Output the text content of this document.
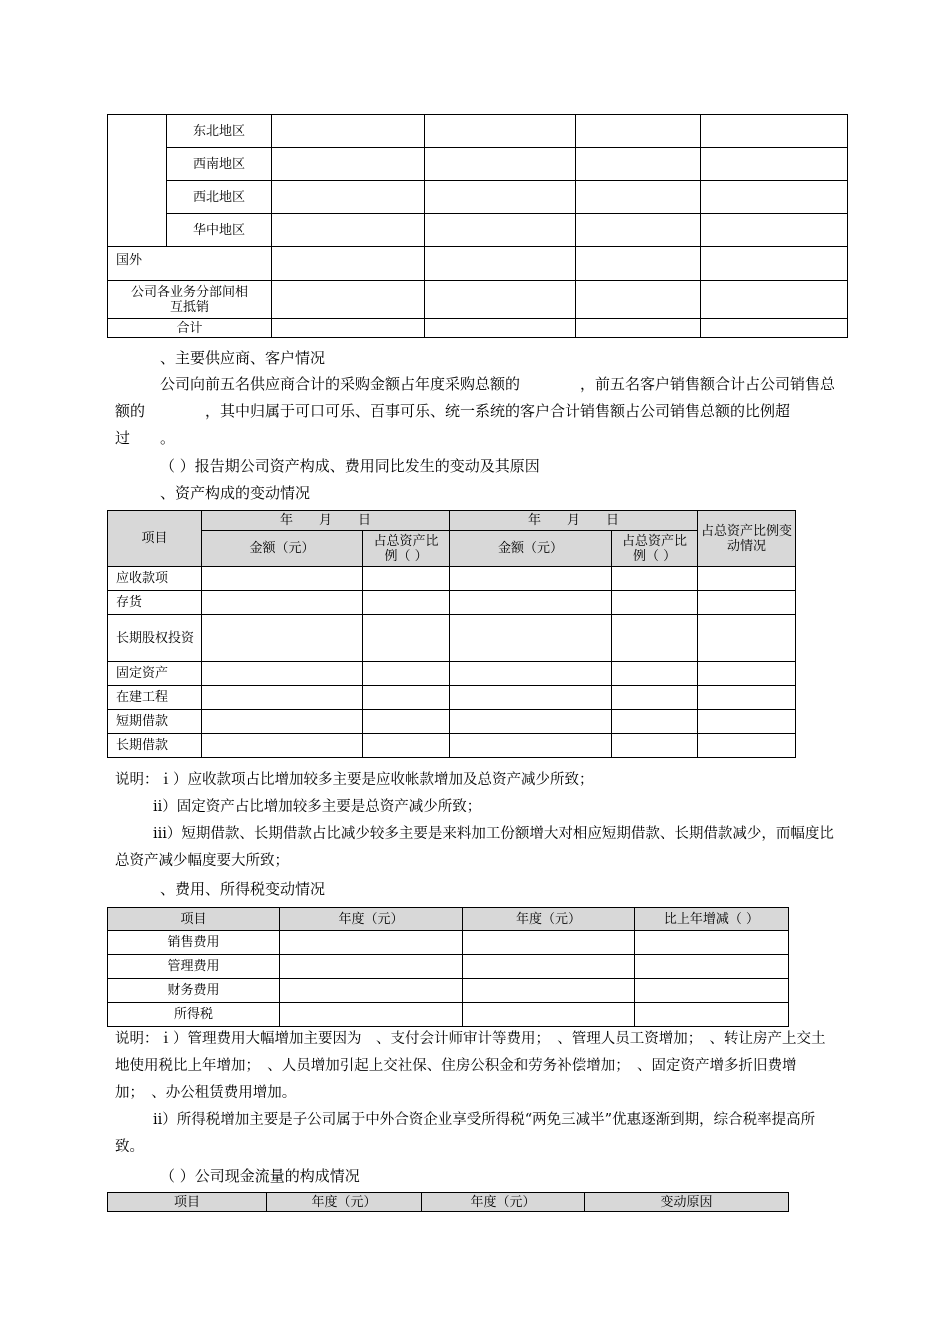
	东北地区				
	西南地区				
	西北地区				
	华中地区				
国外					
公司各业务分部间相互抵销					
合计					
、主要供应商、客户情况

公司向前五名供应商合计的采购金额占年度采购总额的　　　　，前五名客户销售额合计占公司销售总额的　　　　，其中归属于可口可乐、百事可乐、统一系统的客户合计销售额占公司销售总额的比例超过　　。

（ ）报告期公司资产构成、费用同比发生的变动及其原因
、资产构成的变动情况
项目	年　　月　　日		年　　月　　日		占总资产比例变动情况
	金额（元）	占总资产比例（ ）	金额（元）	占总资产比例（ ）	
应收款项					
存货					
长期股权投资					
固定资产					
在建工程					
短期借款					
长期借款					

说明：ｉ）应收款项占比增加较多主要是应收帐款增加及总资产减少所致；

ⅱ）固定资产占比增加较多主要是总资产减少所致；

ⅲ）短期借款、长期借款占比减少较多主要是来料加工份额增大对相应短期借款、长期借款减少，而幅度比总资产减少幅度要大所致；

、费用、所得税变动情况
项目	年度（元）	年度（元）	比上年增减（ ）
销售费用			
管理费用			
财务费用			
所得税			

说明：ｉ）管理费用大幅增加主要因为　、支付会计师审计等费用；　、管理人员工资增加；　、转让房产上交土地使用税比上年增加；　、人员增加引起上交社保、住房公积金和劳务补偿增加；　、固定资产增多折旧费增加；　、办公租赁费用增加。

ⅱ）所得税增加主要是子公司属于中外合资企业享受所得税“两免三减半”优惠逐渐到期，综合税率提高所致。

（ ）公司现金流量的构成情况
项目	年度（元）	年度（元）	变动原因
